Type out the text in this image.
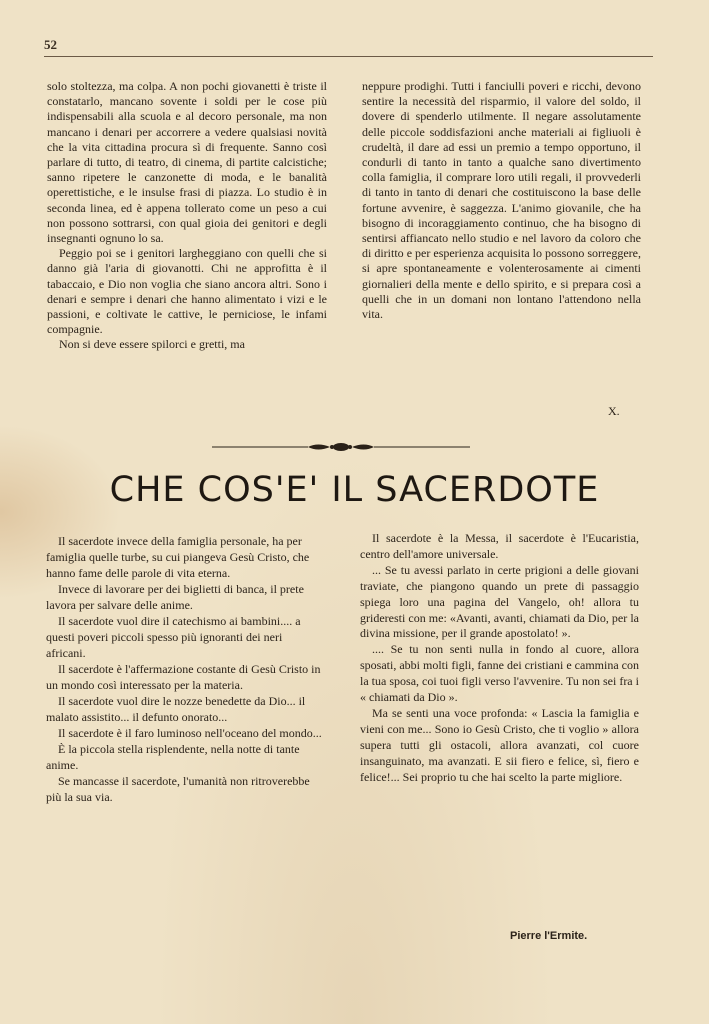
52

solo stoltezza, ma colpa. A non pochi giovanetti è triste il constatarlo, mancano sovente i soldi per le cose più indispensabili alla scuola e al decoro personale, ma non mancano i denari per accorrere a vedere qualsiasi novità che la vita cittadina procura sì di frequente. Sanno così parlare di tutto, di teatro, di cinema, di partite calcistiche; sanno ripetere le canzonette di moda, e le banalità operettistiche, e le insulse frasi di piazza. Lo studio è in seconda linea, ed è appena tollerato come un peso a cui non possono sottrarsi, con qual gioia dei genitori e degli insegnanti ognuno lo sa.

Peggio poi se i genitori largheggiano con quelli che si danno già l'aria di giovanotti. Chi ne approfitta è il tabaccaio, e Dio non voglia che siano ancora altri. Sono i denari e sempre i denari che hanno alimentato i vizi e le passioni, e coltivate le cattive, le perniciose, le infami compagnie.

Non si deve essere spilorci e gretti, ma

neppure prodighi. Tutti i fanciulli poveri e ricchi, devono sentire la necessità del risparmio, il valore del soldo, il dovere di spenderlo utilmente. Il negare assolutamente delle piccole soddisfazioni anche materiali ai figliuoli è crudeltà, il dare ad essi un premio a tempo opportuno, il condurli di tanto in tanto a qualche sano divertimento colla famiglia, il comprare loro utili regali, il provvederli di tanto in tanto di denari che costituiscono la base delle fortune avvenire, è saggezza. L'animo giovanile, che ha bisogno di incoraggiamento continuo, che ha bisogno di sentirsi affiancato nello studio e nel lavoro da coloro che di diritto e per esperienza acquisita lo possono sorreggere, si apre spontaneamente e volenterosamente ai cimenti giornalieri della mente e dello spirito, e si prepara così a quelli che in un domani non lontano l'attendono nella vita.

X.
CHE COS'E' IL SACERDOTE

Il sacerdote invece della famiglia personale, ha per famiglia quelle turbe, su cui piangeva Gesù Cristo, che hanno fame delle parole di vita eterna.

Invece di lavorare per dei biglietti di banca, il prete lavora per salvare delle anime.

Il sacerdote vuol dire il catechismo ai bambini.... a questi poveri piccoli spesso più ignoranti dei neri africani.

Il sacerdote è l'affermazione costante di Gesù Cristo in un mondo così interessato per la materia.

Il sacerdote vuol dire le nozze benedette da Dio... il malato assistito... il defunto onorato...

Il sacerdote è il faro luminoso nell'oceano del mondo...

È la piccola stella risplendente, nella notte di tante anime.

Se mancasse il sacerdote, l'umanità non ritroverebbe più la sua via.

Il sacerdote è la Messa, il sacerdote è l'Eucaristia, centro dell'amore universale.

... Se tu avessi parlato in certe prigioni a delle giovani traviate, che piangono quando un prete di passaggio spiega loro una pagina del Vangelo, oh! allora tu grideresti con me: «Avanti, avanti, chiamati da Dio, per la divina missione, per il grande apostolato! ».

.... Se tu non senti nulla in fondo al cuore, allora sposati, abbi molti figli, fanne dei cristiani e cammina con la tua sposa, coi tuoi figli verso l'avvenire. Tu non sei fra i « chiamati da Dio ».

Ma se senti una voce profonda: « Lascia la famiglia e vieni con me... Sono io Gesù Cristo, che ti voglio » allora supera tutti gli ostacoli, allora avanzati, col cuore insanguinato, ma avanzati. E sii fiero e felice, sì, fiero e felice!... Sei proprio tu che hai scelto la parte migliore.

Pierre l'Ermite.
